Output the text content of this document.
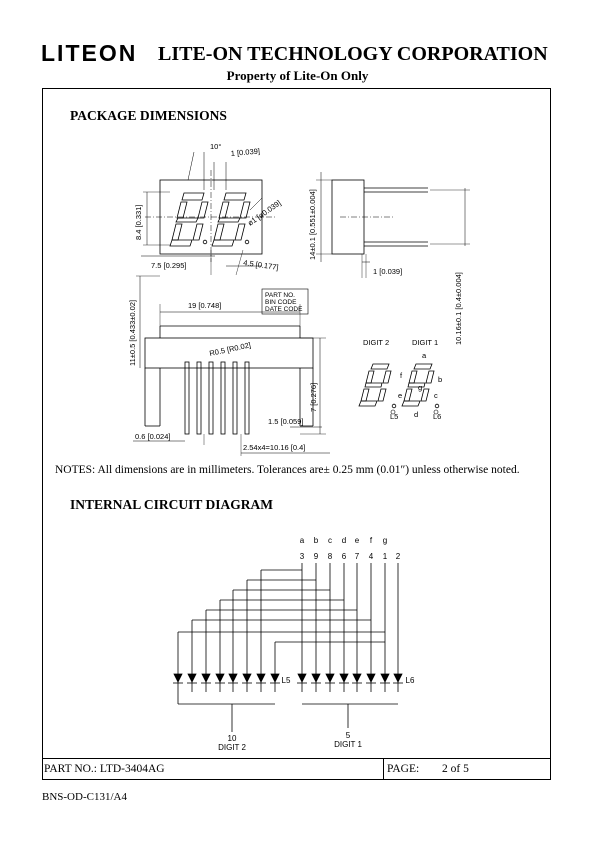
LITEON LITE-ON TECHNOLOGY CORPORATION
Property of Lite-On Only
PACKAGE DIMENSIONS
10° 1 [0.039]
ø1 [ø0.039]
8.4 [0.331]
7.5 [0.295]	4.5 [0.177]
14±0.1 [0.551±0.004]
1 [0.039]
10.16±0.1 [0.4±0.004]
19 [0.748]
11±0.5 [0.433±0.02]	R0.5 [R0.02]
7 [0.276]
1.5 [0.059]
0.6 [0.024]
2.54x4=10.16 [0.4]
PART NO.
BIN CODE
DATE CODE
DIGIT 2	DIGIT 1
a
b
c
d
e
f
g
L5	L6
NOTES: All dimensions are in millimeters. Tolerances are± 0.25 mm (0.01″) unless otherwise noted.
INTERNAL CIRCUIT DIAGRAM
a b c d e f g
3 9 8 6 7 4 1 2
L5	L6
10
DIGIT 2
5
DIGIT 1
PART NO.: LTD-3404AG	PAGE: 2 of 5
BNS-OD-C131/A4
